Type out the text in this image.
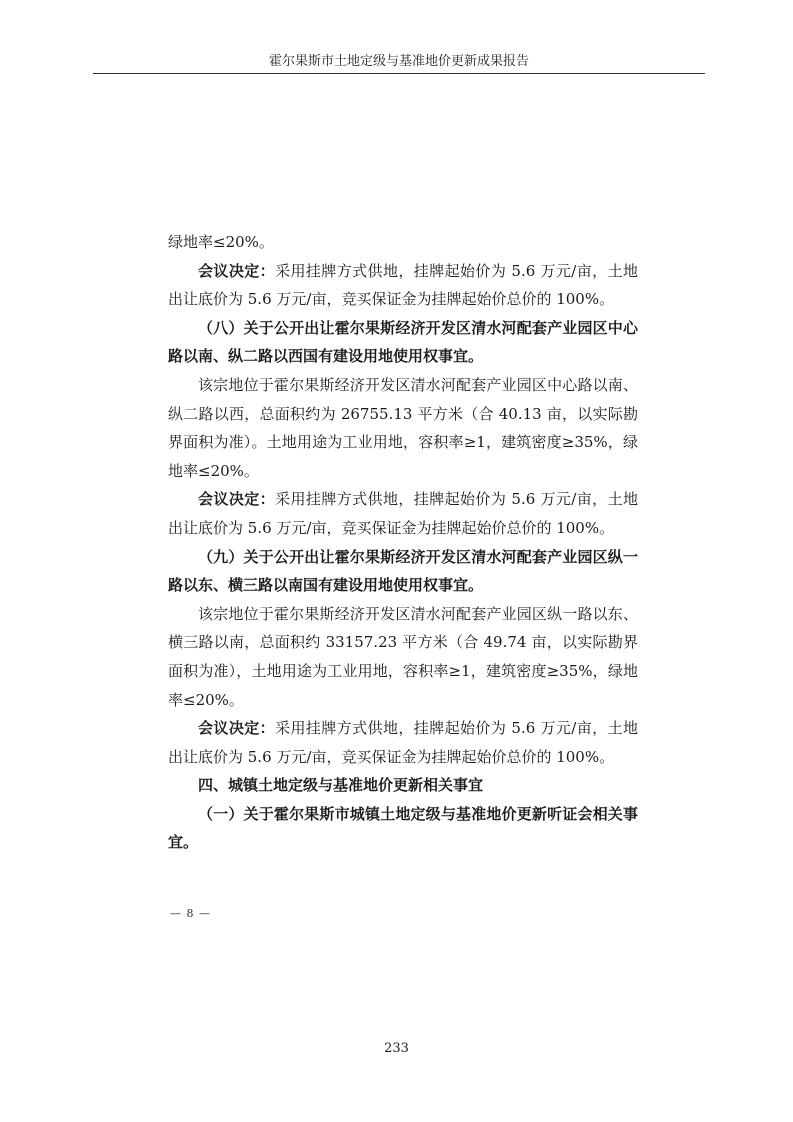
霍尔果斯市土地定级与基准地价更新成果报告

绿地率≤20%。

会议决定：采用挂牌方式供地，挂牌起始价为 5.6 万元/亩，土地出让底价为 5.6 万元/亩，竞买保证金为挂牌起始价总价的 100%。

（八）关于公开出让霍尔果斯经济开发区清水河配套产业园区中心路以南、纵二路以西国有建设用地使用权事宜。

该宗地位于霍尔果斯经济开发区清水河配套产业园区中心路以南、纵二路以西，总面积约为 26755.13 平方米（合 40.13 亩，以实际勘界面积为准）。土地用途为工业用地，容积率≥1，建筑密度≥35%，绿地率≤20%。

会议决定：采用挂牌方式供地，挂牌起始价为 5.6 万元/亩，土地出让底价为 5.6 万元/亩，竞买保证金为挂牌起始价总价的 100%。

（九）关于公开出让霍尔果斯经济开发区清水河配套产业园区纵一路以东、横三路以南国有建设用地使用权事宜。

该宗地位于霍尔果斯经济开发区清水河配套产业园区纵一路以东、横三路以南，总面积约 33157.23 平方米（合 49.74 亩，以实际勘界面积为准），土地用途为工业用地，容积率≥1，建筑密度≥35%，绿地率≤20%。

会议决定：采用挂牌方式供地，挂牌起始价为 5.6 万元/亩，土地出让底价为 5.6 万元/亩，竞买保证金为挂牌起始价总价的 100%。

四、城镇土地定级与基准地价更新相关事宜

（一）关于霍尔果斯市城镇土地定级与基准地价更新听证会相关事宜。

— 8 —
233
